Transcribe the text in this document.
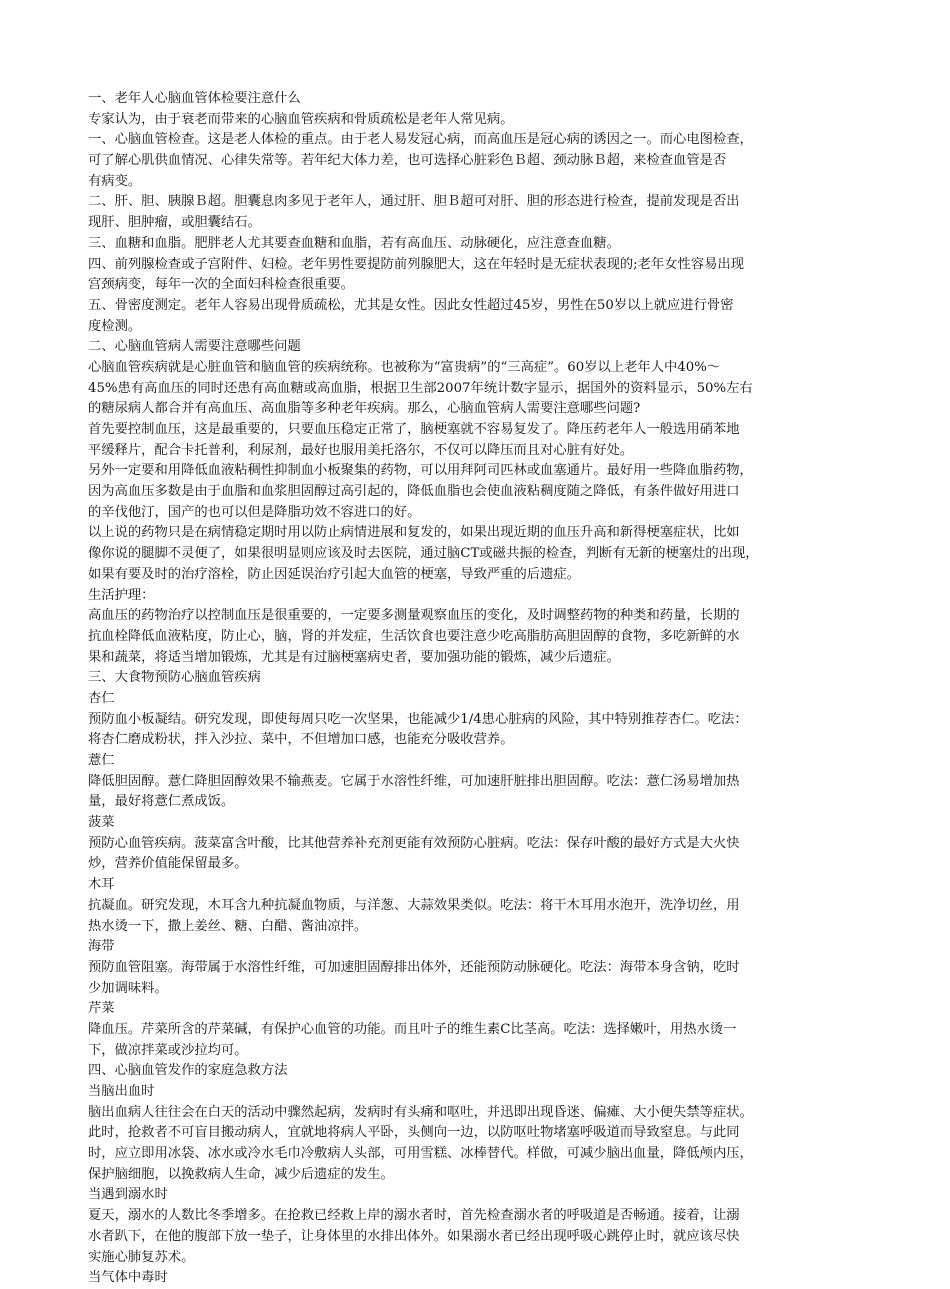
一、老年人心脑血管体检要注意什么
专家认为，由于衰老而带来的心脑血管疾病和骨质疏松是老年人常见病。
一、心脑血管检查。这是老人体检的重点。由于老人易发冠心病，而高血压是冠心病的诱因之一。而心电图检查，
可了解心肌供血情况、心律失常等。若年纪大体力差，也可选择心脏彩色Ｂ超、颈动脉Ｂ超，来检查血管是否
有病变。
二、肝、胆、胰腺Ｂ超。胆囊息肉多见于老年人，通过肝、胆Ｂ超可对肝、胆的形态进行检查，提前发现是否出
现肝、胆肿瘤，或胆囊结石。
三、血糖和血脂。肥胖老人尤其要查血糖和血脂，若有高血压、动脉硬化，应注意查血糖。
四、前列腺检查或子宫附件、妇检。老年男性要提防前列腺肥大，这在年轻时是无症状表现的;老年女性容易出现
宫颈病变，每年一次的全面妇科检查很重要。
五、骨密度测定。老年人容易出现骨质疏松，尤其是女性。因此女性超过45岁，男性在50岁以上就应进行骨密
度检测。
二、心脑血管病人需要注意哪些问题
心脑血管疾病就是心脏血管和脑血管的疾病统称。也被称为“富贵病”的“三高症”。60岁以上老年人中40%～
45%患有高血压的同时还患有高血糖或高血脂，根据卫生部2007年统计数字显示，据国外的资料显示，50%左右
的糖尿病人都合并有高血压、高血脂等多种老年疾病。那么，心脑血管病人需要注意哪些问题?
首先要控制血压，这是最重要的，只要血压稳定正常了，脑梗塞就不容易复发了。降压药老年人一般选用硝苯地
平缓释片，配合卡托普利，利尿剂，最好也服用美托洛尔，不仅可以降压而且对心脏有好处。
另外一定要和用降低血液粘稠性抑制血小板聚集的药物，可以用拜阿司匹林或血塞通片。最好用一些降血脂药物，
因为高血压多数是由于血脂和血浆胆固醇过高引起的，降低血脂也会使血液粘稠度随之降低，有条件做好用进口
的辛伐他汀，国产的也可以但是降脂功效不容进口的好。
以上说的药物只是在病情稳定期时用以防止病情进展和复发的，如果出现近期的血压升高和新得梗塞症状，比如
像你说的腿脚不灵便了，如果很明显则应该及时去医院，通过脑CT或磁共振的检查，判断有无新的梗塞灶的出现，
如果有要及时的治疗溶栓，防止因延误治疗引起大血管的梗塞，导致严重的后遗症。
生活护理：
高血压的药物治疗以控制血压是很重要的，一定要多测量观察血压的变化，及时调整药物的种类和药量，长期的
抗血栓降低血液粘度，防止心，脑，肾的并发症，生活饮食也要注意少吃高脂肪高胆固醇的食物，多吃新鲜的水
果和蔬菜，将适当增加锻炼，尤其是有过脑梗塞病史者，要加强功能的锻炼，减少后遗症。
三、大食物预防心脑血管疾病
杏仁
预防血小板凝结。研究发现，即使每周只吃一次坚果，也能减少1/4患心脏病的风险，其中特别推荐杏仁。吃法：
将杏仁磨成粉状，拌入沙拉、菜中，不但增加口感，也能充分吸收营养。
薏仁
降低胆固醇。薏仁降胆固醇效果不输燕麦。它属于水溶性纤维，可加速肝脏排出胆固醇。吃法：薏仁汤易增加热
量，最好将薏仁煮成饭。
菠菜
预防心血管疾病。菠菜富含叶酸，比其他营养补充剂更能有效预防心脏病。吃法：保存叶酸的最好方式是大火快
炒，营养价值能保留最多。
木耳
抗凝血。研究发现，木耳含九种抗凝血物质，与洋葱、大蒜效果类似。吃法：将干木耳用水泡开，洗净切丝，用
热水烫一下，撒上姜丝、糖、白醋、酱油凉拌。
海带
预防血管阻塞。海带属于水溶性纤维，可加速胆固醇排出体外，还能预防动脉硬化。吃法：海带本身含钠，吃时
少加调味料。
芹菜
降血压。芹菜所含的芹菜碱，有保护心血管的功能。而且叶子的维生素C比茎高。吃法：选择嫩叶，用热水烫一
下，做凉拌菜或沙拉均可。
四、心脑血管发作的家庭急救方法
当脑出血时
脑出血病人往往会在白天的活动中骤然起病，发病时有头痛和呕吐，并迅即出现昏迷、偏瘫、大小便失禁等症状。
此时，抢救者不可盲目搬动病人，宜就地将病人平卧，头侧向一边，以防呕吐物堵塞呼吸道而导致窒息。与此同
时，应立即用冰袋、冰水或冷水毛巾冷敷病人头部，可用雪糕、冰棒替代。样做，可减少脑出血量，降低颅内压，
保护脑细胞，以挽救病人生命，减少后遗症的发生。
当遇到溺水时
夏天，溺水的人数比冬季增多。在抢救已经救上岸的溺水者时，首先检查溺水者的呼吸道是否畅通。接着，让溺
水者趴下，在他的腹部下放一垫子，让身体里的水排出体外。如果溺水者已经出现呼吸心跳停止时，就应该尽快
实施心肺复苏术。
当气体中毒时
